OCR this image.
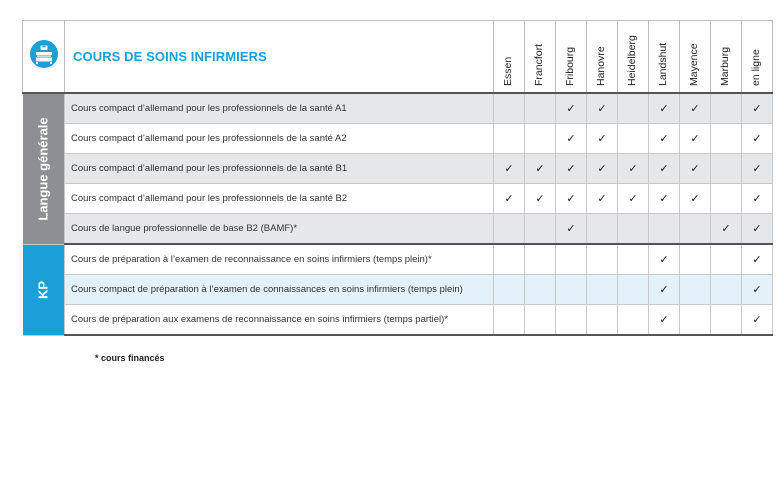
	COURS DE SOINS INFIRMIERS	Essen	Francfort	Fribourg	Hanovre	Heidelberg	Landshut	Mayence	Marburg	en ligne

Langue générale	Cours compact d’allemand pour les professionnels de la santé A1			✓	✓		✓	✓		✓
	Cours compact d’allemand pour les professionnels de la santé A2			✓	✓		✓	✓		✓
	Cours compact d’allemand pour les professionnels de la santé B1	✓	✓	✓	✓	✓	✓	✓		✓
	Cours compact d’allemand pour les professionnels de la santé B2	✓	✓	✓	✓	✓	✓	✓		✓
	Cours de langue professionnelle de base B2 (BAMF)*			✓					✓	✓

KP	Cours de préparation à l’examen de reconnaissance en soins infirmiers (temps plein)*						✓			✓
	Cours compact de préparation à l’examen de connaissances en soins infirmiers (temps plein)						✓			✓
	Cours de préparation aux examens de reconnaissance en soins infirmiers (temps partiel)*						✓			✓
* cours financés
